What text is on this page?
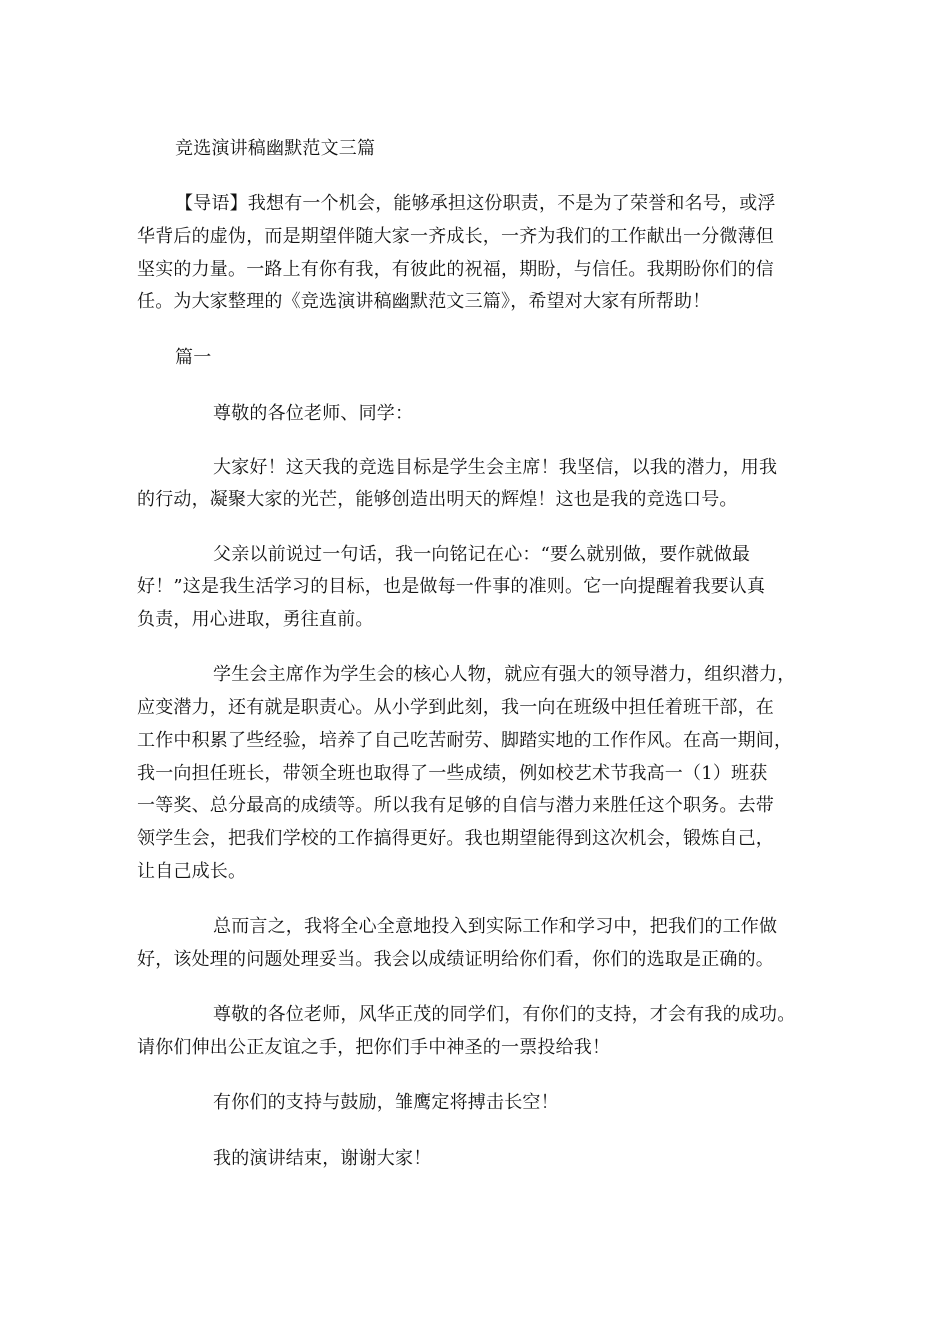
竞选演讲稿幽默范文三篇
【导语】我想有一个机会，能够承担这份职责，不是为了荣誉和名号，或浮
华背后的虚伪，而是期望伴随大家一齐成长，一齐为我们的工作献出一分微薄但
坚实的力量。一路上有你有我，有彼此的祝福，期盼，与信任。我期盼你们的信
任。为大家整理的《竞选演讲稿幽默范文三篇》，希望对大家有所帮助！
篇一
尊敬的各位老师、同学：
大家好！这天我的竞选目标是学生会主席！我坚信，以我的潜力，用我
的行动，凝聚大家的光芒，能够创造出明天的辉煌！这也是我的竞选口号。
父亲以前说过一句话，我一向铭记在心：“要么就别做，要作就做最
好！”这是我生活学习的目标，也是做每一件事的准则。它一向提醒着我要认真
负责，用心进取，勇往直前。
学生会主席作为学生会的核心人物，就应有强大的领导潜力，组织潜力，
应变潜力，还有就是职责心。从小学到此刻，我一向在班级中担任着班干部，在
工作中积累了些经验，培养了自己吃苦耐劳、脚踏实地的工作作风。在高一期间，
我一向担任班长，带领全班也取得了一些成绩，例如校艺术节我高一（1）班获
一等奖、总分最高的成绩等。所以我有足够的自信与潜力来胜任这个职务。去带
领学生会，把我们学校的工作搞得更好。我也期望能得到这次机会，锻炼自己，
让自己成长。
总而言之，我将全心全意地投入到实际工作和学习中，把我们的工作做
好，该处理的问题处理妥当。我会以成绩证明给你们看，你们的选取是正确的。
尊敬的各位老师，风华正茂的同学们，有你们的支持，才会有我的成功。
请你们伸出公正友谊之手，把你们手中神圣的一票投给我！
有你们的支持与鼓励，雏鹰定将搏击长空！
我的演讲结束，谢谢大家！
